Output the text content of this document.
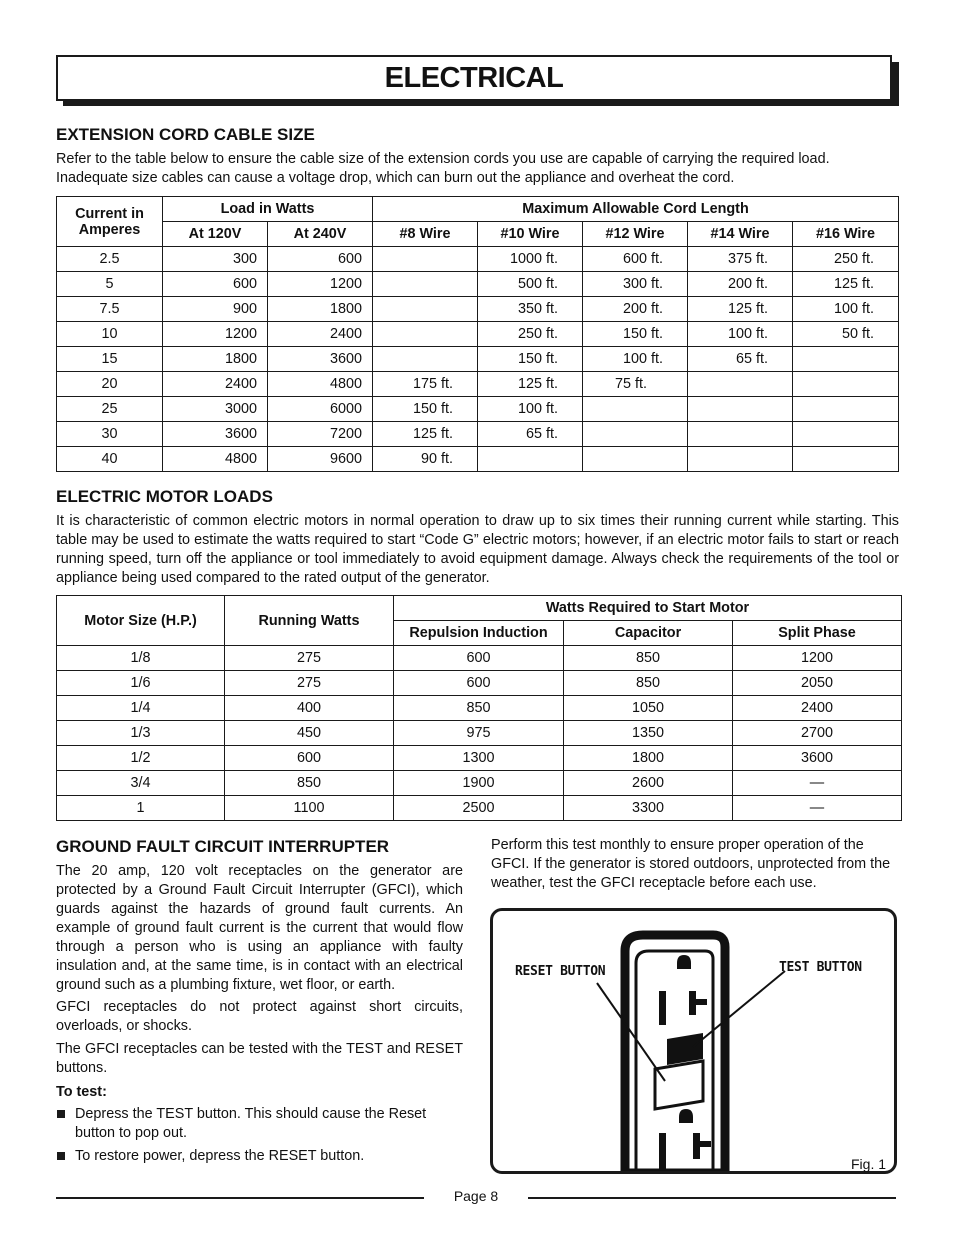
ELECTRICAL
EXTENSION CORD CABLE SIZE

Refer to the table below to ensure the cable size of the extension cords you use are capable of carrying the required load. Inadequate size cables can cause a voltage drop, which can burn out the appliance and overheat the cord.

Current in Amperes	Load in Watts		Maximum Allowable Cord Length				
	At 120V	At 240V	#8 Wire	#10 Wire	#12 Wire	#14 Wire	#16 Wire
2.5	300	600		1000 ft.	600 ft.	375 ft.	250 ft.
5	600	1200		500 ft.	300 ft.	200 ft.	125 ft.
7.5	900	1800		350 ft.	200 ft.	125 ft.	100 ft.
10	1200	2400		250 ft.	150 ft.	100 ft.	50 ft.
15	1800	3600		150 ft.	100 ft.	65 ft.	
20	2400	4800	175 ft.	125 ft.	75 ft.		
25	3000	6000	150 ft.	100 ft.			
30	3600	7200	125 ft.	65 ft.			
40	4800	9600	90 ft.				
ELECTRIC MOTOR LOADS

It is characteristic of common electric motors in normal operation to draw up to six times their running current while starting. This table may be used to estimate the watts required to start “Code G” electric motors; however, if an electric motor fails to start or reach running speed, turn off the appliance or tool immediately to avoid equipment damage. Always check the requirements of the tool or appliance being used compared to the rated output of the generator.

Motor Size (H.P.)	Running Watts	Watts Required to Start Motor		
		Repulsion Induction	Capacitor	Split Phase
1/8	275	600	850	1200
1/6	275	600	850	2050
1/4	400	850	1050	2400
1/3	450	975	1350	2700
1/2	600	1300	1800	3600
3/4	850	1900	2600	—
1	1100	2500	3300	—
GROUND FAULT CIRCUIT INTERRUPTER

The 20 amp, 120 volt receptacles on the generator are protected by a Ground Fault Circuit Interrupter (GFCI), which guards against the hazards of ground fault currents. An example of ground fault current is the current that would flow through a person who is using an appliance with faulty insulation and, at the same time, is in contact with an electrical ground such as a plumbing fixture, wet floor, or earth.

GFCI receptacles do not protect against short circuits, overloads, or shocks.

The GFCI receptacles can be tested with the TEST and RESET buttons.

To test:

Depress the TEST button. This should cause the Reset button to pop out.
To restore power, depress the RESET button.

Perform this test monthly to ensure proper operation of the GFCI. If the generator is stored outdoors, unprotected from the weather, test the GFCI receptacle before each use.

RESET BUTTON	TEST BUTTON
Fig. 1
Page 8
